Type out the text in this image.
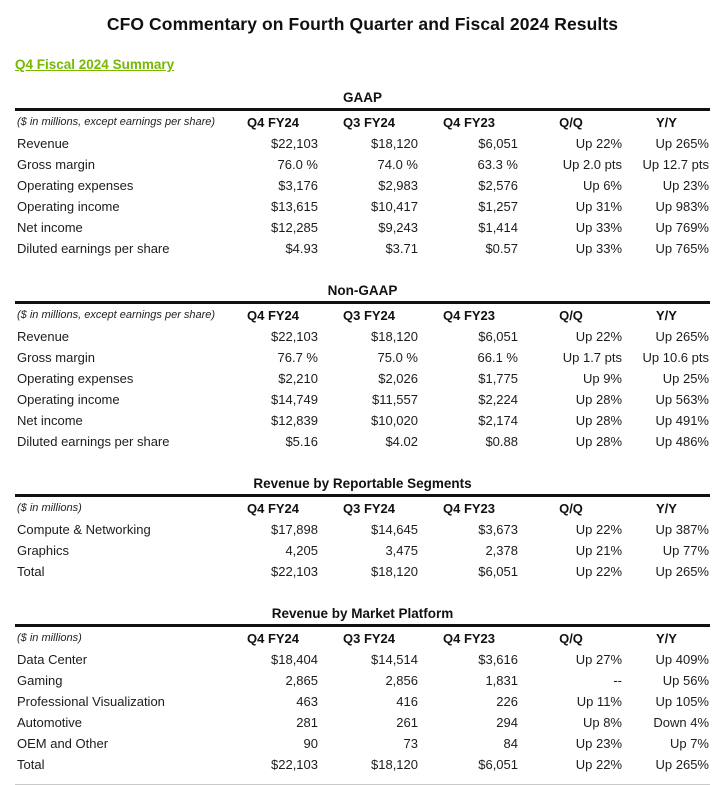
CFO Commentary on Fourth Quarter and Fiscal 2024 Results
Q4 Fiscal 2024 Summary
GAAP
($ in millions, except earnings per share)	Q4 FY24	Q3 FY24	Q4 FY23	Q/Q	Y/Y
Revenue	$22,103	$18,120	$6,051	Up 22%	Up 265%
Gross margin	76.0 %	74.0 %	63.3 %	Up 2.0 pts	Up 12.7 pts
Operating expenses	$3,176	$2,983	$2,576	Up 6%	Up 23%
Operating income	$13,615	$10,417	$1,257	Up 31%	Up 983%
Net income	$12,285	$9,243	$1,414	Up 33%	Up 769%
Diluted earnings per share	$4.93	$3.71	$0.57	Up 33%	Up 765%
Non-GAAP
($ in millions, except earnings per share)	Q4 FY24	Q3 FY24	Q4 FY23	Q/Q	Y/Y
Revenue	$22,103	$18,120	$6,051	Up 22%	Up 265%
Gross margin	76.7 %	75.0 %	66.1 %	Up 1.7 pts	Up 10.6 pts
Operating expenses	$2,210	$2,026	$1,775	Up 9%	Up 25%
Operating income	$14,749	$11,557	$2,224	Up 28%	Up 563%
Net income	$12,839	$10,020	$2,174	Up 28%	Up 491%
Diluted earnings per share	$5.16	$4.02	$0.88	Up 28%	Up 486%
Revenue by Reportable Segments
($ in millions)	Q4 FY24	Q3 FY24	Q4 FY23	Q/Q	Y/Y
Compute & Networking	$17,898	$14,645	$3,673	Up 22%	Up 387%
Graphics	4,205	3,475	2,378	Up 21%	Up 77%
Total	$22,103	$18,120	$6,051	Up 22%	Up 265%
Revenue by Market Platform
($ in millions)	Q4 FY24	Q3 FY24	Q4 FY23	Q/Q	Y/Y
Data Center	$18,404	$14,514	$3,616	Up 27%	Up 409%
Gaming	2,865	2,856	1,831	--	Up 56%
Professional Visualization	463	416	226	Up 11%	Up 105%
Automotive	281	261	294	Up 8%	Down 4%
OEM and Other	90	73	84	Up 23%	Up 7%
Total	$22,103	$18,120	$6,051	Up 22%	Up 265%
